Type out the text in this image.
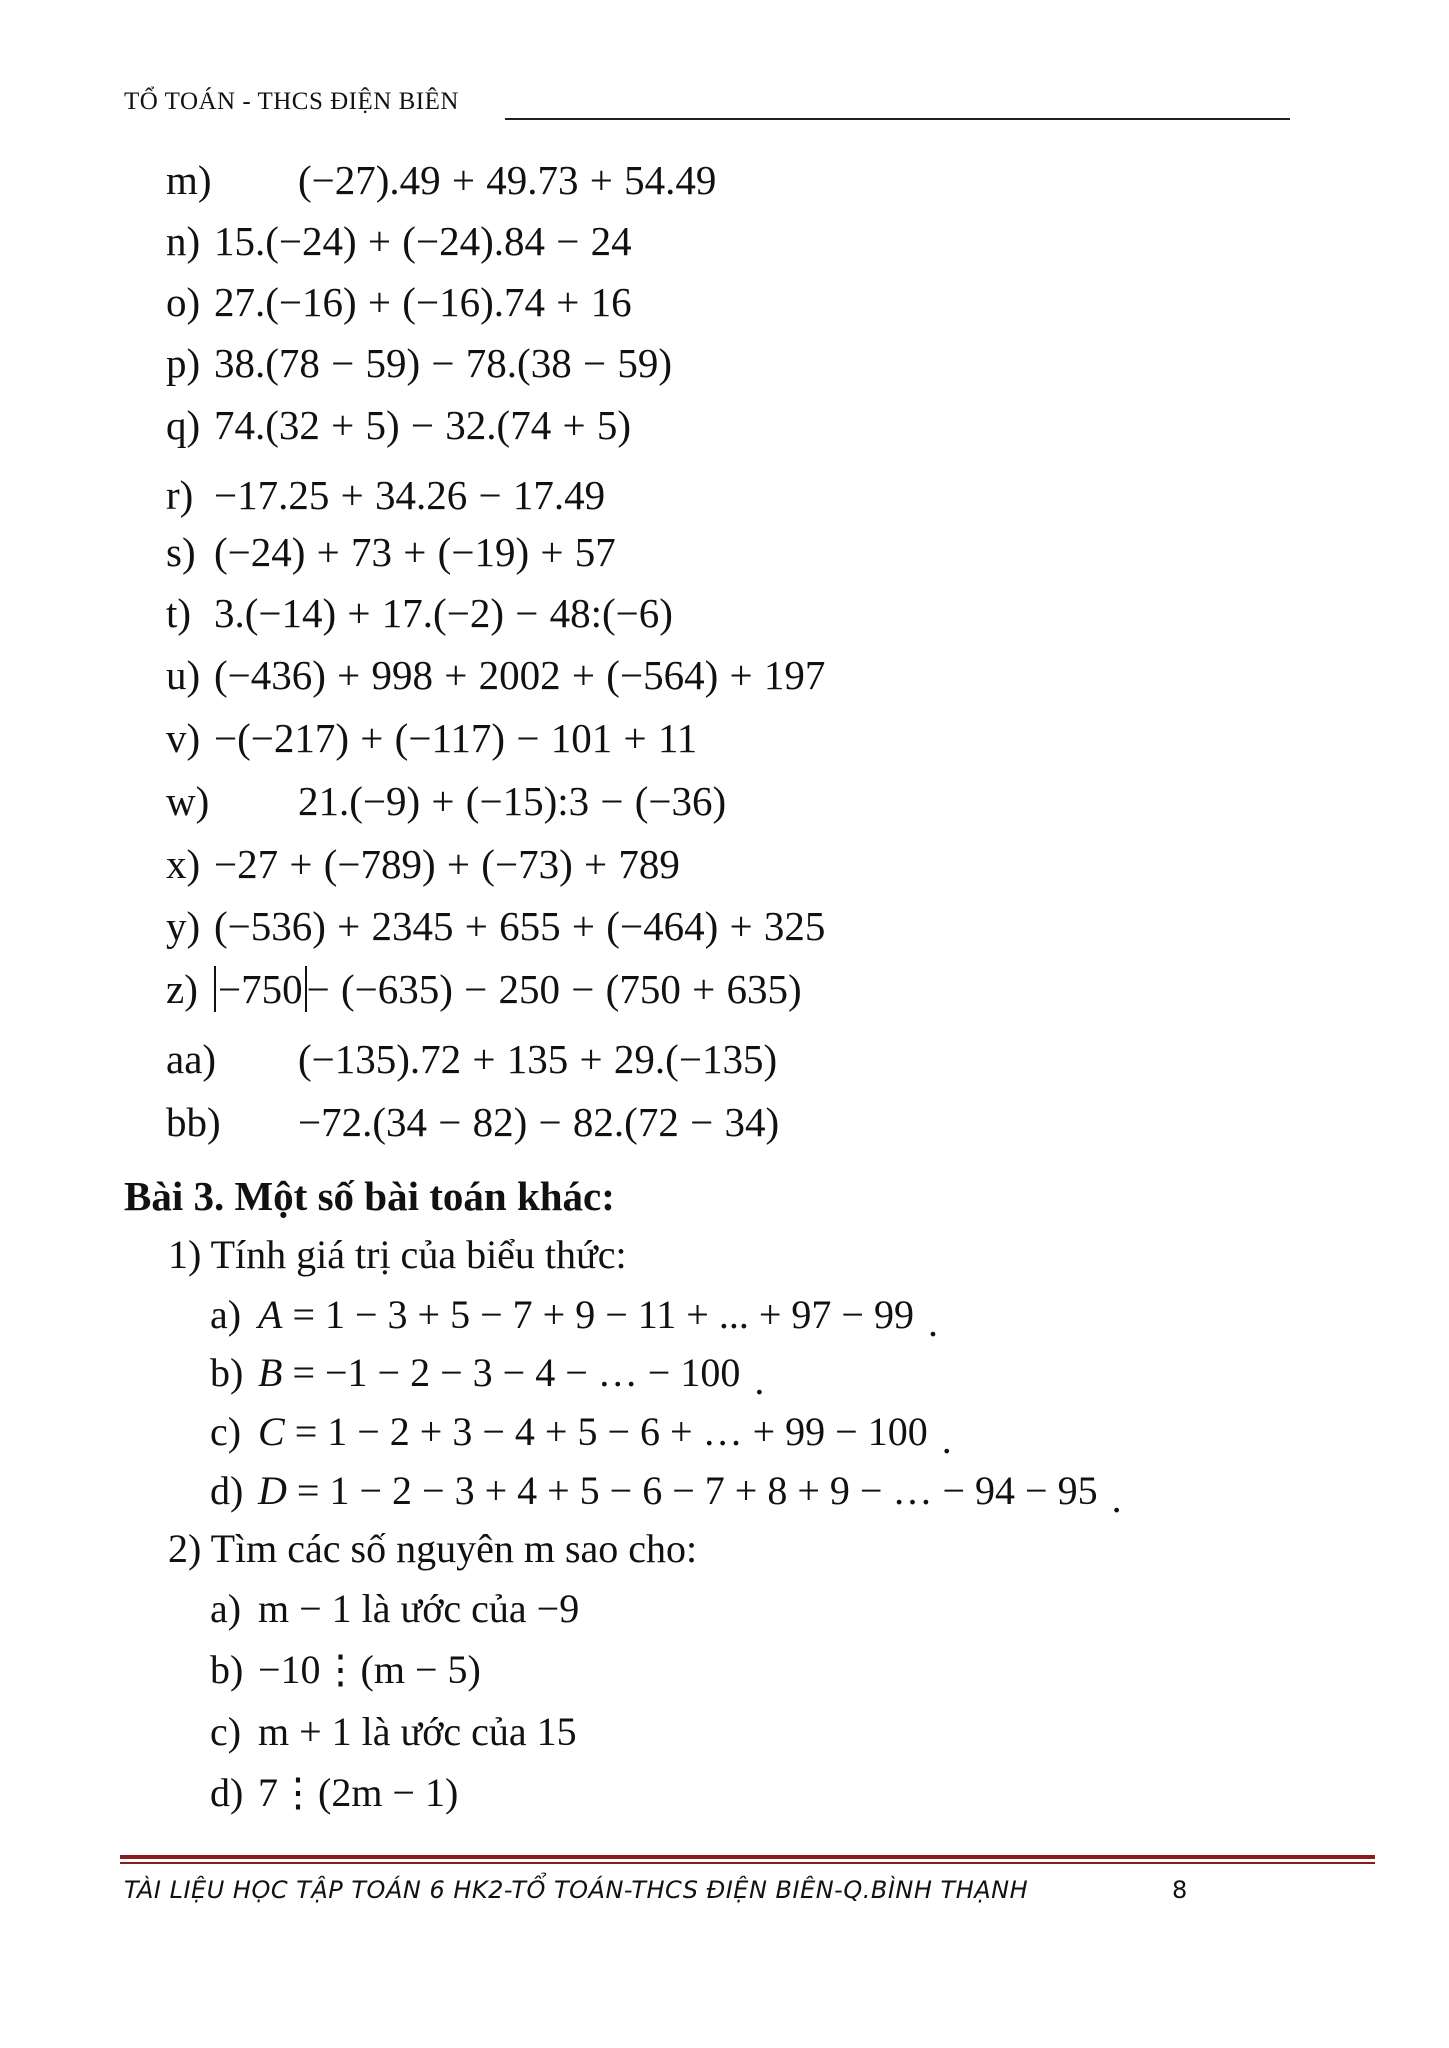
TỔ TOÁN - THCS ĐIỆN BIÊN
m) (−27).49 + 49.73 + 54.49
n) 15.(−24) + (−24).84 − 24
o) 27.(−16) + (−16).74 + 16
p) 38.(78 − 59) − 78.(38 − 59)
q) 74.(32 + 5) − 32.(74 + 5)
r) −17.25 + 34.26 − 17.49
s) (−24) + 73 + (−19) + 57
t) 3.(−14) + 17.(−2) − 48:(−6)
u) (−436) + 998 + 2002 + (−564) + 197
v) −(−217) + (−117) − 101 + 11
w) 21.(−9) + (−15):3 − (−36)
x) −27 + (−789) + (−73) + 789
y) (−536) + 2345 + 655 + (−464) + 325
z) −750− (−635) − 250 − (750 + 635)
aa) (−135).72 + 135 + 29.(−135)
bb) −72.(34 − 82) − 82.(72 − 34)
Bài 3. Một số bài toán khác:
1) Tính giá trị của biểu thức:
a) A = 1 − 3 + 5 − 7 + 9 − 11 + ... + 97 − 99 .
b) B = −1 − 2 − 3 − 4 − … − 100 .
c) C = 1 − 2 + 3 − 4 + 5 − 6 + … + 99 − 100 .
d) D = 1 − 2 − 3 + 4 + 5 − 6 − 7 + 8 + 9 − … − 94 − 95 .
2) Tìm các số nguyên m sao cho:
a) m − 1 là ước của −9
b) −10⋮(m − 5)
c) m + 1 là ước của 15
d) 7⋮(2m − 1)
TÀI LIỆU HỌC TẬP TOÁN 6 HK2-TỔ TOÁN-THCS ĐIỆN BIÊN-Q.BÌNH THẠNH	8
